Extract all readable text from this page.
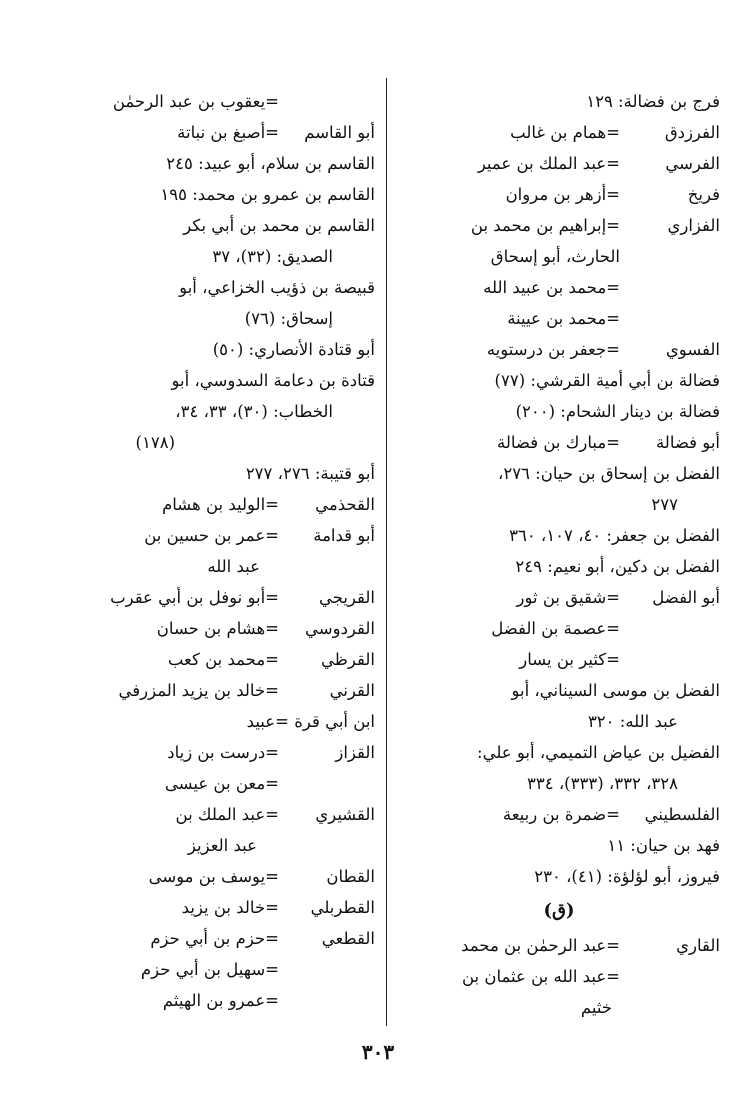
فرج بن فضالة: ١٢٩
الفرزدق=همام بن غالب
الفرسي=عبد الملك بن عمير
فريخ=أزهر بن مروان
الفزاري=إبراهيم بن محمد بن
الحارث، أبو إسحاق
=محمد بن عبيد الله
=محمد بن عيينة
الفسوي=جعفر بن درستويه
فضالة بن أبي أمية القرشي: (٧٧)
فضالة بن دينار الشحام: (٢٠٠)
أبو فضالة=مبارك بن فضالة
الفضل بن إسحاق بن حيان: ٢٧٦،
٢٧٧
الفضل بن جعفر: ٤٠، ١٠٧، ٣٦٠
الفضل بن دكين، أبو نعيم: ٢٤٩
أبو الفضل=شقيق بن ثور
=عصمة بن الفضل
=كثير بن يسار
الفضل بن موسى السيناني، أبو
عبد الله: ٣٢٠
الفضيل بن عياض التميمي، أبو علي:
٣٢٨، ٣٣٢، (٣٣٣)، ٣٣٤
الفلسطيني=ضمرة بن ربيعة
فهد بن حيان: ١١
فيروز، أبو لؤلؤة: (٤١)، ٢٣٠
(ق)
القاري=عبد الرحمٰن بن محمد
=عبد الله بن عثمان بن
خثيم
=يعقوب بن عبد الرحمٰن
أبو القاسم=أصبغ بن نباتة
القاسم بن سلام، أبو عبيد: ٢٤٥
القاسم بن عمرو بن محمد: ١٩٥
القاسم بن محمد بن أبي بكر
الصديق: (٣٢)، ٣٧
قبيصة بن ذؤيب الخزاعي، أبو
إسحاق: (٧٦)
أبو قتادة الأنصاري: (٥٠)
قتادة بن دعامة السدوسي، أبو
الخطاب: (٣٠)، ٣٣، ٣٤،
(١٧٨)
أبو قتيبة: ٢٧٦، ٢٧٧
القحذمي=الوليد بن هشام
أبو قدامة=عمر بن حسين بن
عبد الله
القريجي=أبو نوفل بن أبي عقرب
القردوسي=هشام بن حسان
القرظي=محمد بن كعب
القرني=خالد بن يزيد المزرفي
ابن أبي قرة =عبيد
القزاز=درست بن زياد
=معن بن عيسى
القشيري=عبد الملك بن
عبد العزيز
القطان=يوسف بن موسى
القطربلي=خالد بن يزيد
القطعي=حزم بن أبي حزم
=سهيل بن أبي حزم
=عمرو بن الهيثم
٣٠٣
